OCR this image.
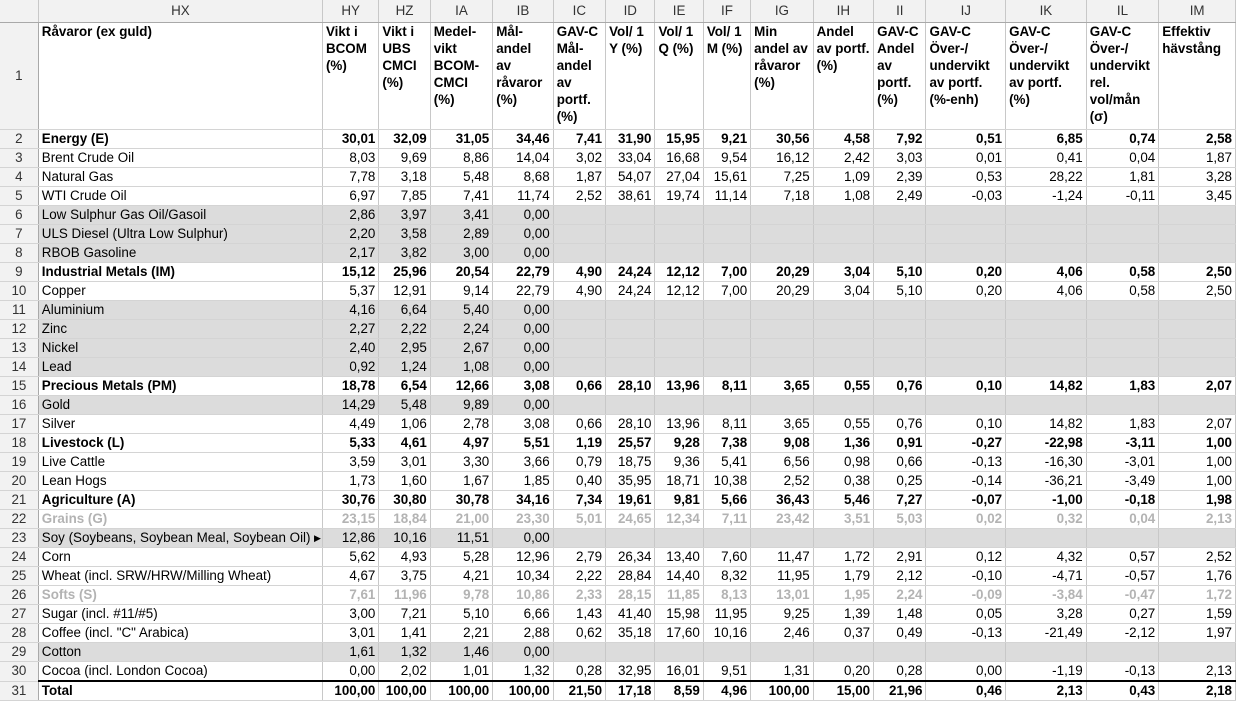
	HX	HY	HZ	IA	IB	IC	ID	IE	IF	IG	IH	II	IJ	IK	IL	IM
1	Råvaror (ex guld)	Vikt i BCOM (%)	Vikt i UBS CMCI (%)	Medel-vikt BCOM-CMCI (%)	Mål-andel av råvaror (%)	GAV-C Mål-andel av portf. (%)	Vol/ 1 Y (%)	Vol/ 1 Q (%)	Vol/ 1 M (%)	Min andel av råvaror (%)	Andel av portf. (%)	GAV-C Andel av portf. (%)	GAV-C Över-/ undervikt av portf. (%-enh)	GAV-C Över-/ undervikt av portf. (%)	GAV-C Över-/ undervikt rel. vol/mån (σ)	Effektiv hävstång
2	Energy (E)	30,01	32,09	31,05	34,46	7,41	31,90	15,95	9,21	30,56	4,58	7,92	0,51	6,85	0,74	2,58
3	Brent Crude Oil	8,03	9,69	8,86	14,04	3,02	33,04	16,68	9,54	16,12	2,42	3,03	0,01	0,41	0,04	1,87
4	Natural Gas	7,78	3,18	5,48	8,68	1,87	54,07	27,04	15,61	7,25	1,09	2,39	0,53	28,22	1,81	3,28
5	WTI Crude Oil	6,97	7,85	7,41	11,74	2,52	38,61	19,74	11,14	7,18	1,08	2,49	-0,03	-1,24	-0,11	3,45
6	Low Sulphur Gas Oil/Gasoil	2,86	3,97	3,41	0,00											
7	ULS Diesel (Ultra Low Sulphur)	2,20	3,58	2,89	0,00											
8	RBOB Gasoline	2,17	3,82	3,00	0,00											
9	Industrial Metals (IM)	15,12	25,96	20,54	22,79	4,90	24,24	12,12	7,00	20,29	3,04	5,10	0,20	4,06	0,58	2,50
10	Copper	5,37	12,91	9,14	22,79	4,90	24,24	12,12	7,00	20,29	3,04	5,10	0,20	4,06	0,58	2,50
11	Aluminium	4,16	6,64	5,40	0,00											
12	Zinc	2,27	2,22	2,24	0,00											
13	Nickel	2,40	2,95	2,67	0,00											
14	Lead	0,92	1,24	1,08	0,00											
15	Precious Metals (PM)	18,78	6,54	12,66	3,08	0,66	28,10	13,96	8,11	3,65	0,55	0,76	0,10	14,82	1,83	2,07
16	Gold	14,29	5,48	9,89	0,00											
17	Silver	4,49	1,06	2,78	3,08	0,66	28,10	13,96	8,11	3,65	0,55	0,76	0,10	14,82	1,83	2,07
18	Livestock (L)	5,33	4,61	4,97	5,51	1,19	25,57	9,28	7,38	9,08	1,36	0,91	-0,27	-22,98	-3,11	1,00
19	Live Cattle	3,59	3,01	3,30	3,66	0,79	18,75	9,36	5,41	6,56	0,98	0,66	-0,13	-16,30	-3,01	1,00
20	Lean Hogs	1,73	1,60	1,67	1,85	0,40	35,95	18,71	10,38	2,52	0,38	0,25	-0,14	-36,21	-3,49	1,00
21	Agriculture (A)	30,76	30,80	30,78	34,16	7,34	19,61	9,81	5,66	36,43	5,46	7,27	-0,07	-1,00	-0,18	1,98
22	Grains (G)	23,15	18,84	21,00	23,30	5,01	24,65	12,34	7,11	23,42	3,51	5,03	0,02	0,32	0,04	2,13
23	Soy (Soybeans, Soybean Meal, Soybean Oil) ▶	12,86	10,16	11,51	0,00											
24	Corn	5,62	4,93	5,28	12,96	2,79	26,34	13,40	7,60	11,47	1,72	2,91	0,12	4,32	0,57	2,52
25	Wheat (incl. SRW/HRW/Milling Wheat)	4,67	3,75	4,21	10,34	2,22	28,84	14,40	8,32	11,95	1,79	2,12	-0,10	-4,71	-0,57	1,76
26	Softs (S)	7,61	11,96	9,78	10,86	2,33	28,15	11,85	8,13	13,01	1,95	2,24	-0,09	-3,84	-0,47	1,72
27	Sugar (incl. #11/#5)	3,00	7,21	5,10	6,66	1,43	41,40	15,98	11,95	9,25	1,39	1,48	0,05	3,28	0,27	1,59
28	Coffee (incl. "C" Arabica)	3,01	1,41	2,21	2,88	0,62	35,18	17,60	10,16	2,46	0,37	0,49	-0,13	-21,49	-2,12	1,97
29	Cotton	1,61	1,32	1,46	0,00											
30	Cocoa (incl. London Cocoa)	0,00	2,02	1,01	1,32	0,28	32,95	16,01	9,51	1,31	0,20	0,28	0,00	-1,19	-0,13	2,13
31	Total	100,00	100,00	100,00	100,00	21,50	17,18	8,59	4,96	100,00	15,00	21,96	0,46	2,13	0,43	2,18
